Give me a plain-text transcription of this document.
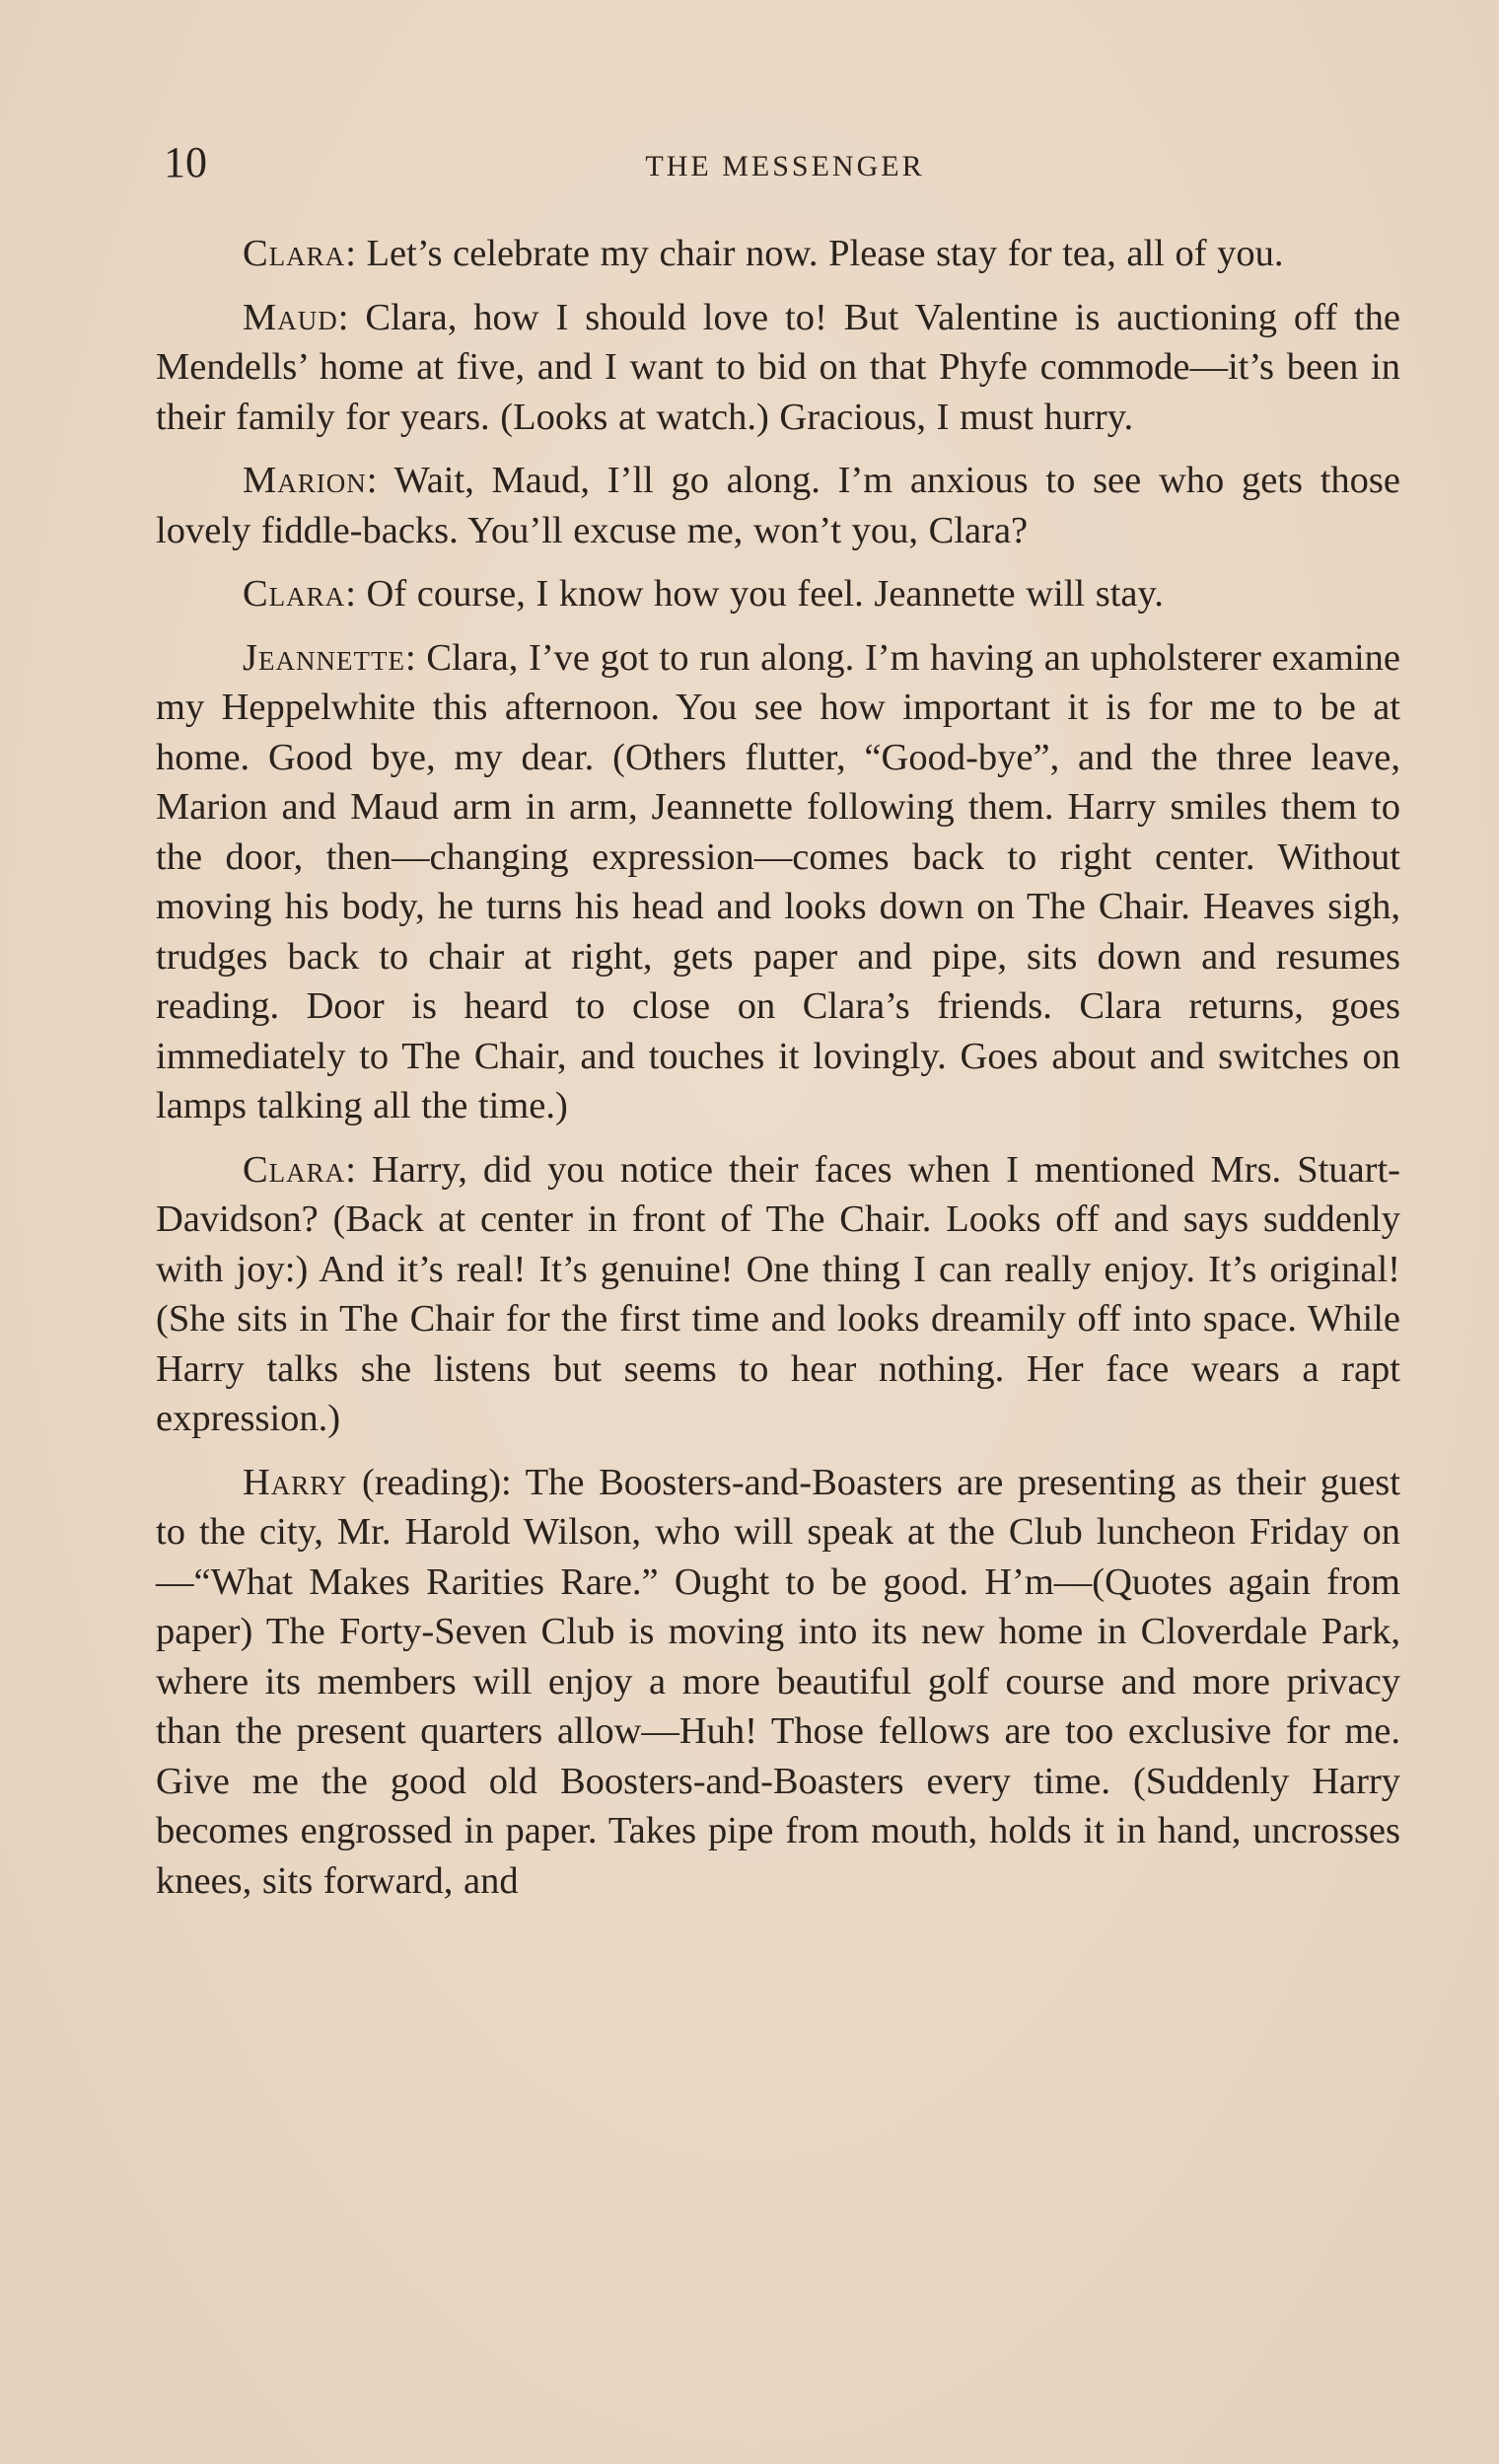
10	THE MESSENGER

Clara: Let’s celebrate my chair now. Please stay for tea, all of you.

Maud: Clara, how I should love to! But Valentine is auctioning off the Mendells’ home at five, and I want to bid on that Phyfe commode—it’s been in their family for years. (Looks at watch.) Gracious, I must hurry.

Marion: Wait, Maud, I’ll go along. I’m anxious to see who gets those lovely fiddle-backs. You’ll excuse me, won’t you, Clara?

Clara: Of course, I know how you feel. Jeannette will stay.

Jeannette: Clara, I’ve got to run along. I’m having an upholsterer examine my Heppelwhite this afternoon. You see how important it is for me to be at home. Good bye, my dear. (Others flutter, “Good-bye”, and the three leave, Marion and Maud arm in arm, Jeannette following them. Harry smiles them to the door, then—changing expression—comes back to right center. Without moving his body, he turns his head and looks down on The Chair. Heaves sigh, trudges back to chair at right, gets paper and pipe, sits down and resumes reading. Door is heard to close on Clara’s friends. Clara returns, goes immediately to The Chair, and touches it lovingly. Goes about and switches on lamps talking all the time.)

Clara: Harry, did you notice their faces when I mentioned Mrs. Stuart-Davidson? (Back at center in front of The Chair. Looks off and says suddenly with joy:) And it’s real! It’s genuine! One thing I can really enjoy. It’s original! (She sits in The Chair for the first time and looks dreamily off into space. While Harry talks she listens but seems to hear nothing. Her face wears a rapt expression.)

Harry (reading): The Boosters-and-Boasters are presenting as their guest to the city, Mr. Harold Wilson, who will speak at the Club luncheon Friday on—“What Makes Rarities Rare.” Ought to be good. H’m—(Quotes again from paper) The Forty-Seven Club is moving into its new home in Cloverdale Park, where its members will enjoy a more beautiful golf course and more privacy than the present quarters allow—Huh! Those fellows are too exclusive for me. Give me the good old Boosters-and-Boasters every time. (Suddenly Harry becomes engrossed in paper. Takes pipe from mouth, holds it in hand, uncrosses knees, sits forward, and
